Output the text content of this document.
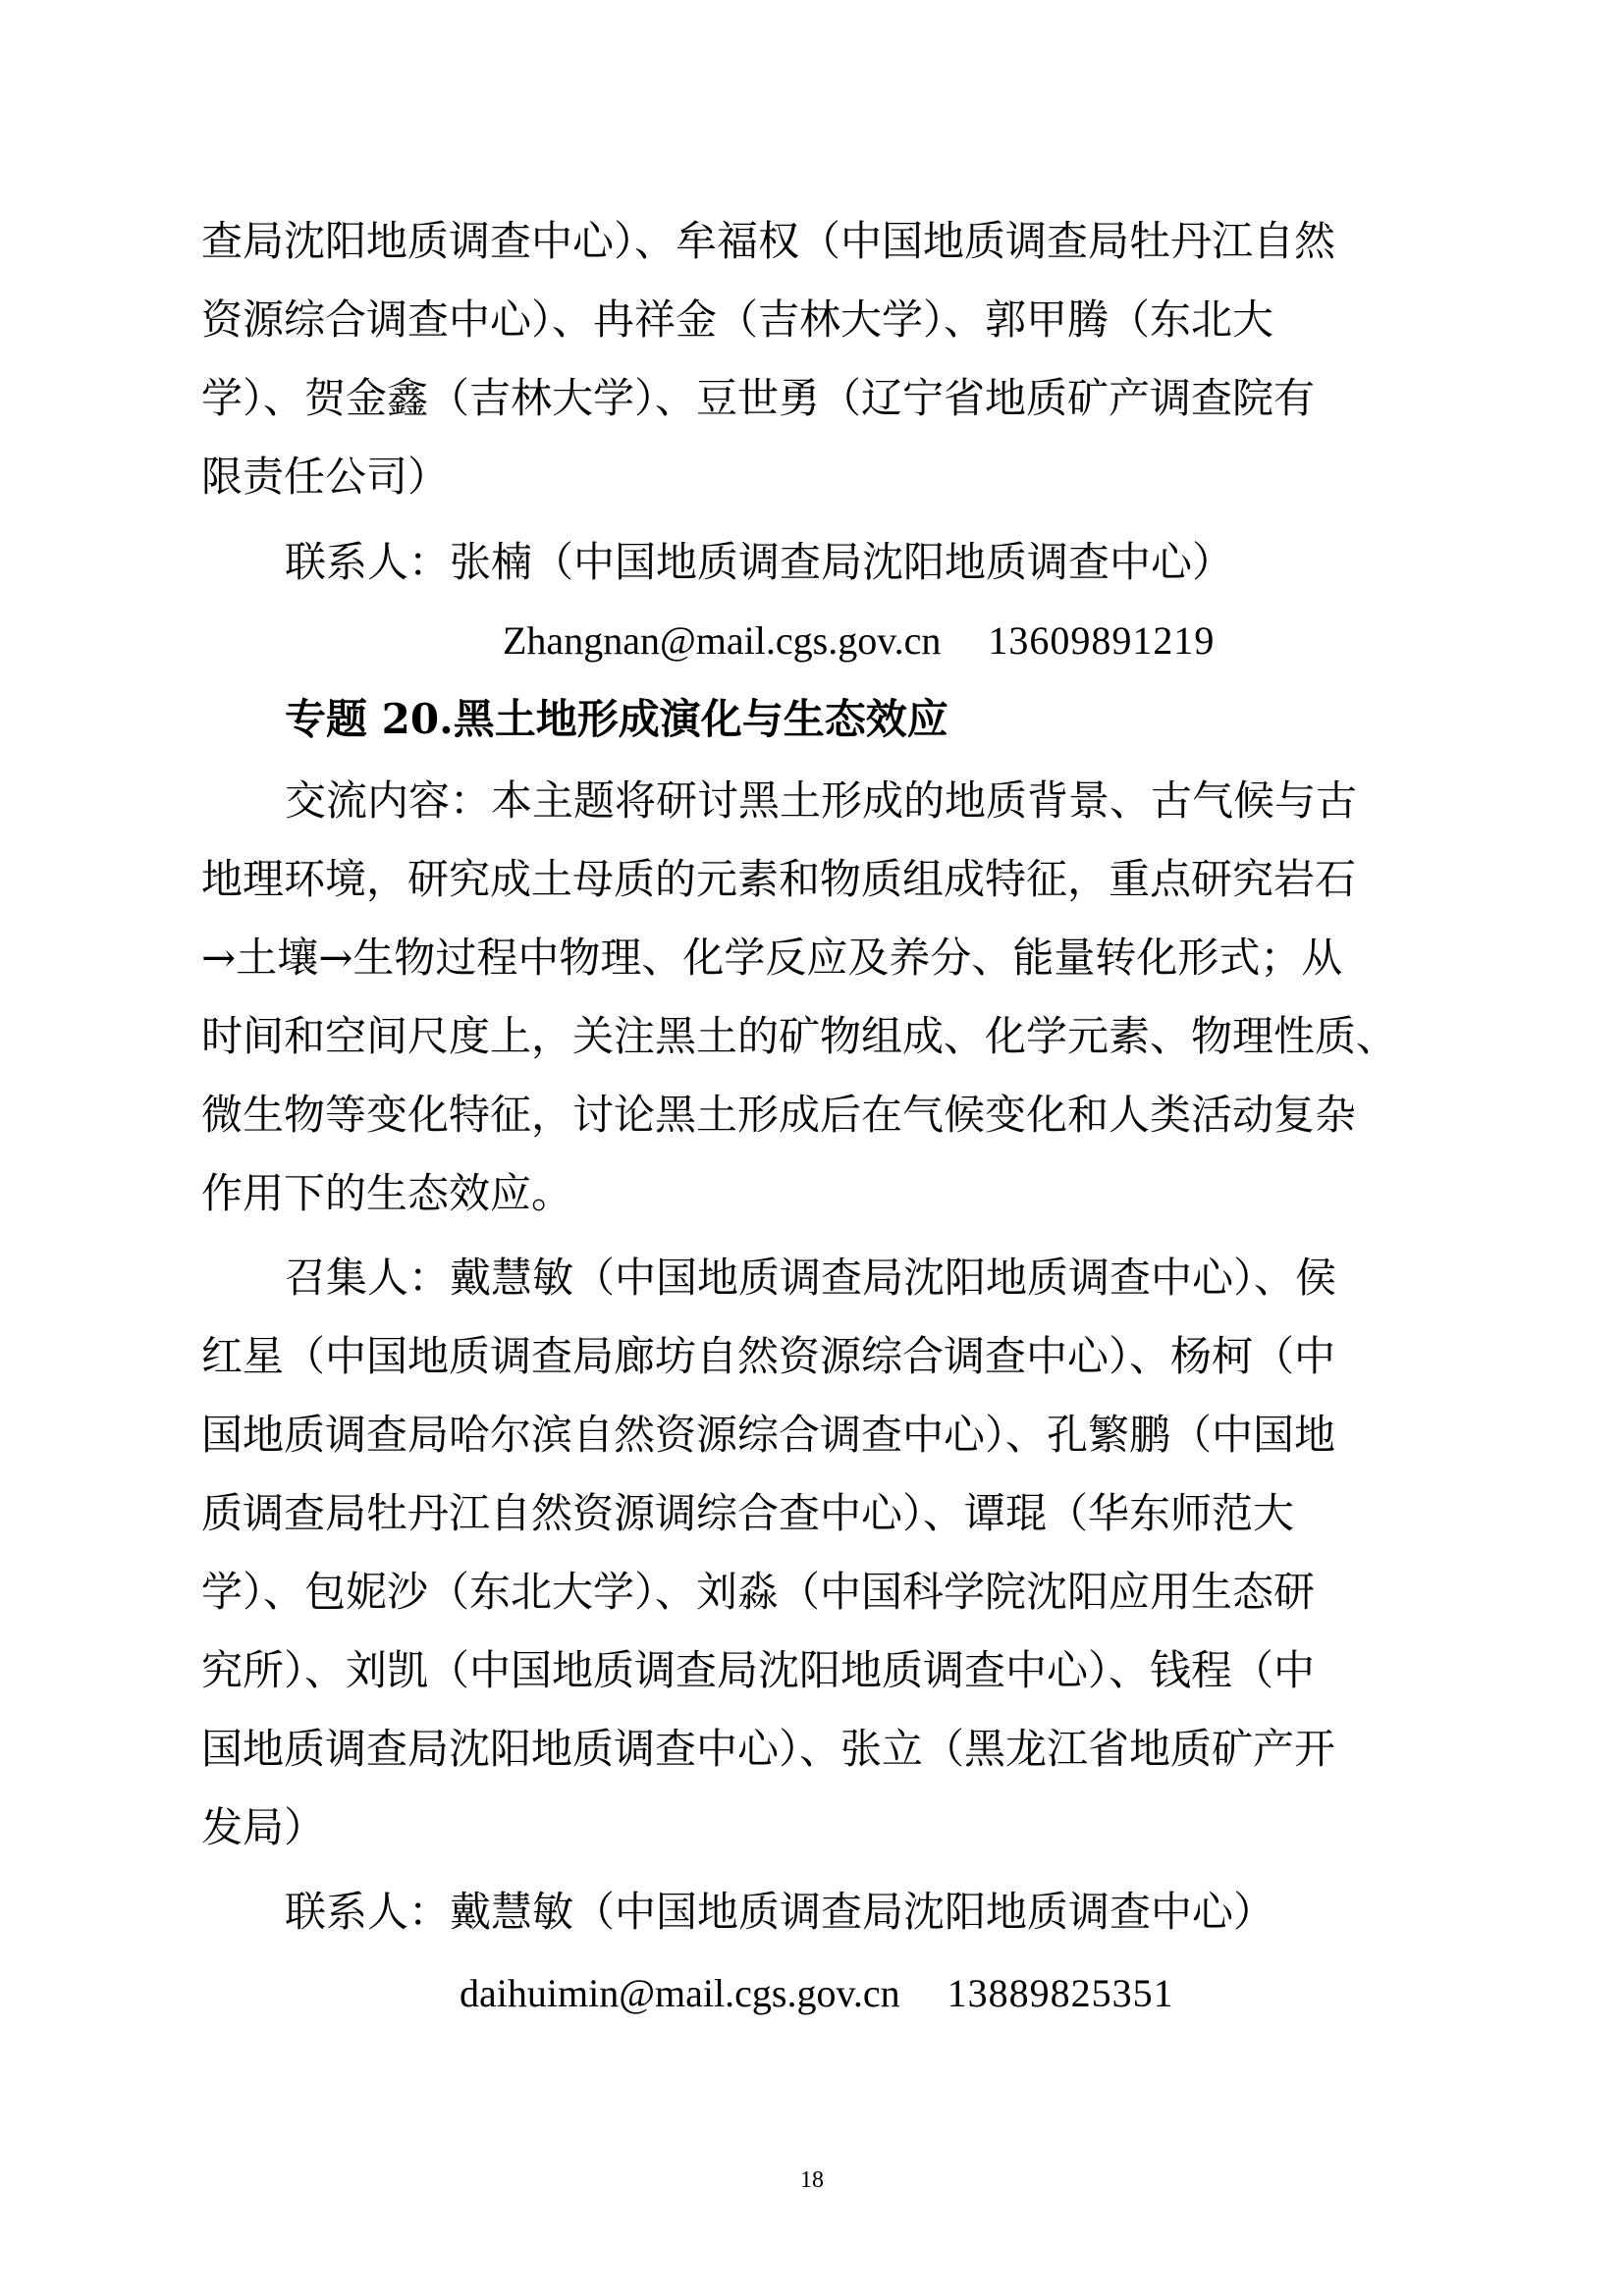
查局沈阳地质调查中心）、牟福权（中国地质调查局牡丹江自然
资源综合调查中心）、冉祥金（吉林大学）、郭甲腾（东北大
学）、贺金鑫（吉林大学）、豆世勇（辽宁省地质矿产调查院有
限责任公司）
联系人：张楠（中国地质调查局沈阳地质调查中心）
Zhangnan@mail.cgs.gov.cn 13609891219
专题 20.黑土地形成演化与生态效应
交流内容：本主题将研讨黑土形成的地质背景、古气候与古
地理环境，研究成土母质的元素和物质组成特征，重点研究岩石
→土壤→生物过程中物理、化学反应及养分、能量转化形式；从
时间和空间尺度上，关注黑土的矿物组成、化学元素、物理性质、
微生物等变化特征，讨论黑土形成后在气候变化和人类活动复杂
作用下的生态效应。
召集人：戴慧敏（中国地质调查局沈阳地质调查中心）、侯
红星（中国地质调查局廊坊自然资源综合调查中心）、杨柯（中
国地质调查局哈尔滨自然资源综合调查中心）、孔繁鹏（中国地
质调查局牡丹江自然资源调综合查中心）、谭琨（华东师范大
学）、包妮沙（东北大学）、刘淼（中国科学院沈阳应用生态研
究所）、刘凯（中国地质调查局沈阳地质调查中心）、钱程（中
国地质调查局沈阳地质调查中心）、张立（黑龙江省地质矿产开
发局）
联系人：戴慧敏（中国地质调查局沈阳地质调查中心）
daihuimin@mail.cgs.gov.cn 13889825351
18
